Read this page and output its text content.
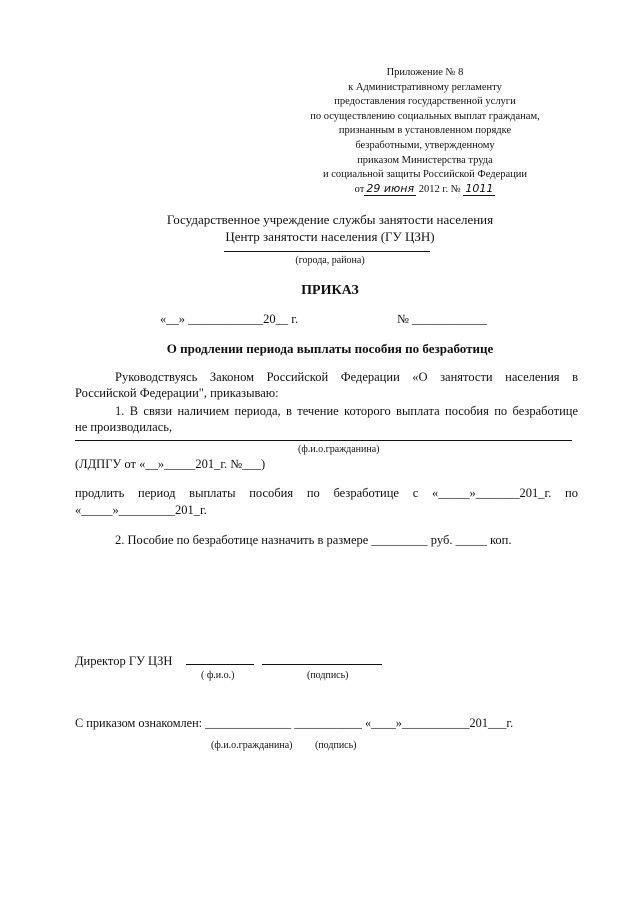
Приложение № 8
к Административному регламенту
предоставления государственной услуги
по осуществлению социальных выплат гражданам,
признанным в установленном порядке
безработными, утвержденному
приказом Министерства труда
и социальной защиты Российской Федерации
от 29 июня 2012 г. № 1011
Государственное учреждение службы занятости населения
Центр занятости населения (ГУ ЦЗН)
(города, района)
ПРИКАЗ
«__» ____________20__ г.	№ ____________
О продлении периода выплаты пособия по безработице
Руководствуясь Законом Российской Федерации «О занятости населения в
Российской Федерации", приказываю:
1. В связи наличием периода, в течение которого выплата пособия по безработице
не производилась,
(ф.и.о.гражданина)
(ЛДПГУ от «__»_____201_г. №___)
продлить период выплаты пособия по безработице с «_____»_______201_г. по
«_____»_________201_г.
2. Пособие по безработице назначить в размере _________ руб. _____ коп.
Директор ГУ ЦЗН
( ф.и.о.)	(подпись)
С приказом ознакомлен: ______________ ___________ «____»___________201___г.
(ф.и.о.гражданина) (подпись)
